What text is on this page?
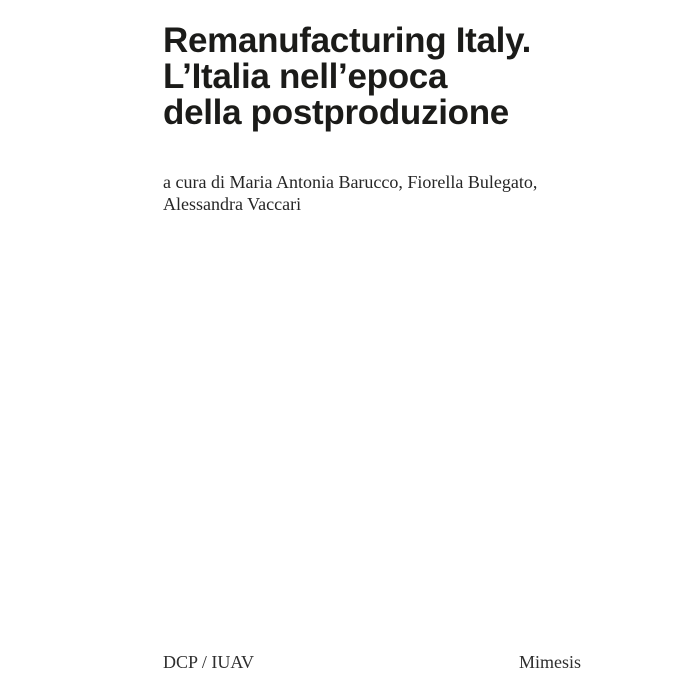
Remanufacturing Italy.
L’Italia nell’epoca
della postproduzione
a cura di Maria Antonia Barucco, Fiorella Bulegato,
Alessandra Vaccari
DCP / IUAV	Mimesis
